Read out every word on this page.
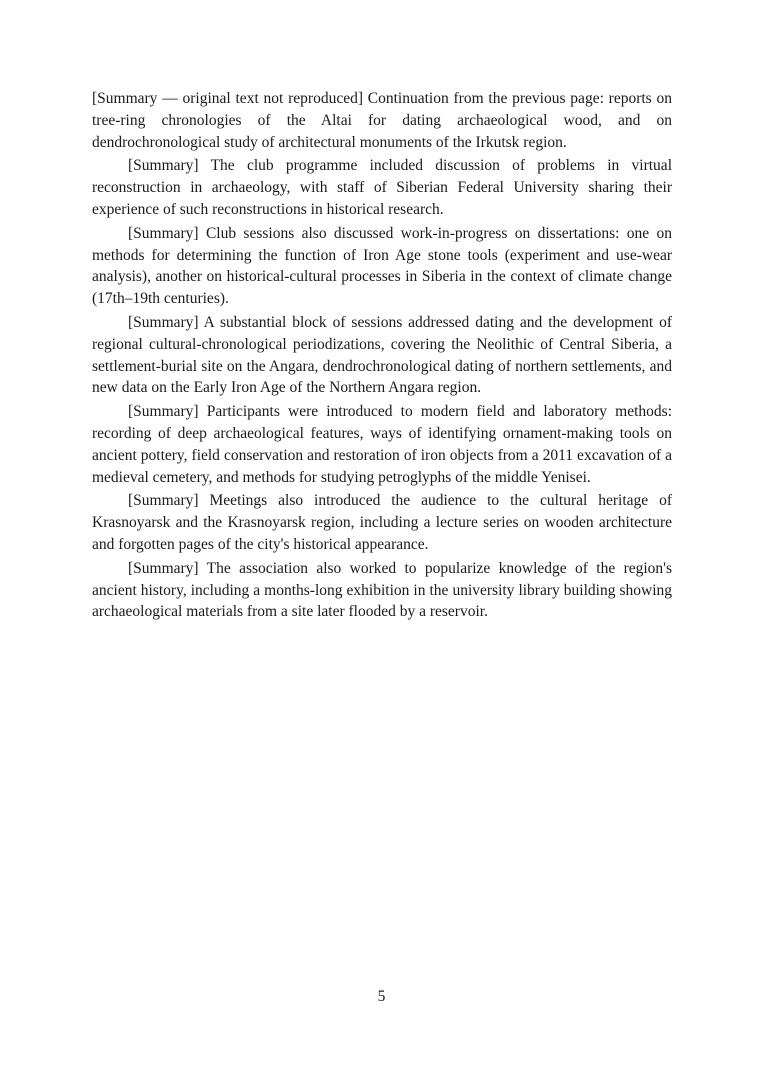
[Summary — original text not reproduced] Continuation from the previous page: reports on tree-ring chronologies of the Altai for dating archaeological wood, and on dendrochronological study of architectural monuments of the Irkutsk region.

[Summary] The club programme included discussion of problems in virtual reconstruction in archaeology, with staff of Siberian Federal University sharing their experience of such reconstructions in historical research.

[Summary] Club sessions also discussed work-in-progress on dissertations: one on methods for determining the function of Iron Age stone tools (experiment and use-wear analysis), another on historical-cultural processes in Siberia in the context of climate change (17th–19th centuries).

[Summary] A substantial block of sessions addressed dating and the development of regional cultural-chronological periodizations, covering the Neolithic of Central Siberia, a settlement-burial site on the Angara, dendrochronological dating of northern settlements, and new data on the Early Iron Age of the Northern Angara region.

[Summary] Participants were introduced to modern field and laboratory methods: recording of deep archaeological features, ways of identifying ornament-making tools on ancient pottery, field conservation and restoration of iron objects from a 2011 excavation of a medieval cemetery, and methods for studying petroglyphs of the middle Yenisei.

[Summary] Meetings also introduced the audience to the cultural heritage of Krasnoyarsk and the Krasnoyarsk region, including a lecture series on wooden architecture and forgotten pages of the city's historical appearance.

[Summary] The association also worked to popularize knowledge of the region's ancient history, including a months-long exhibition in the university library building showing archaeological materials from a site later flooded by a reservoir.

5
